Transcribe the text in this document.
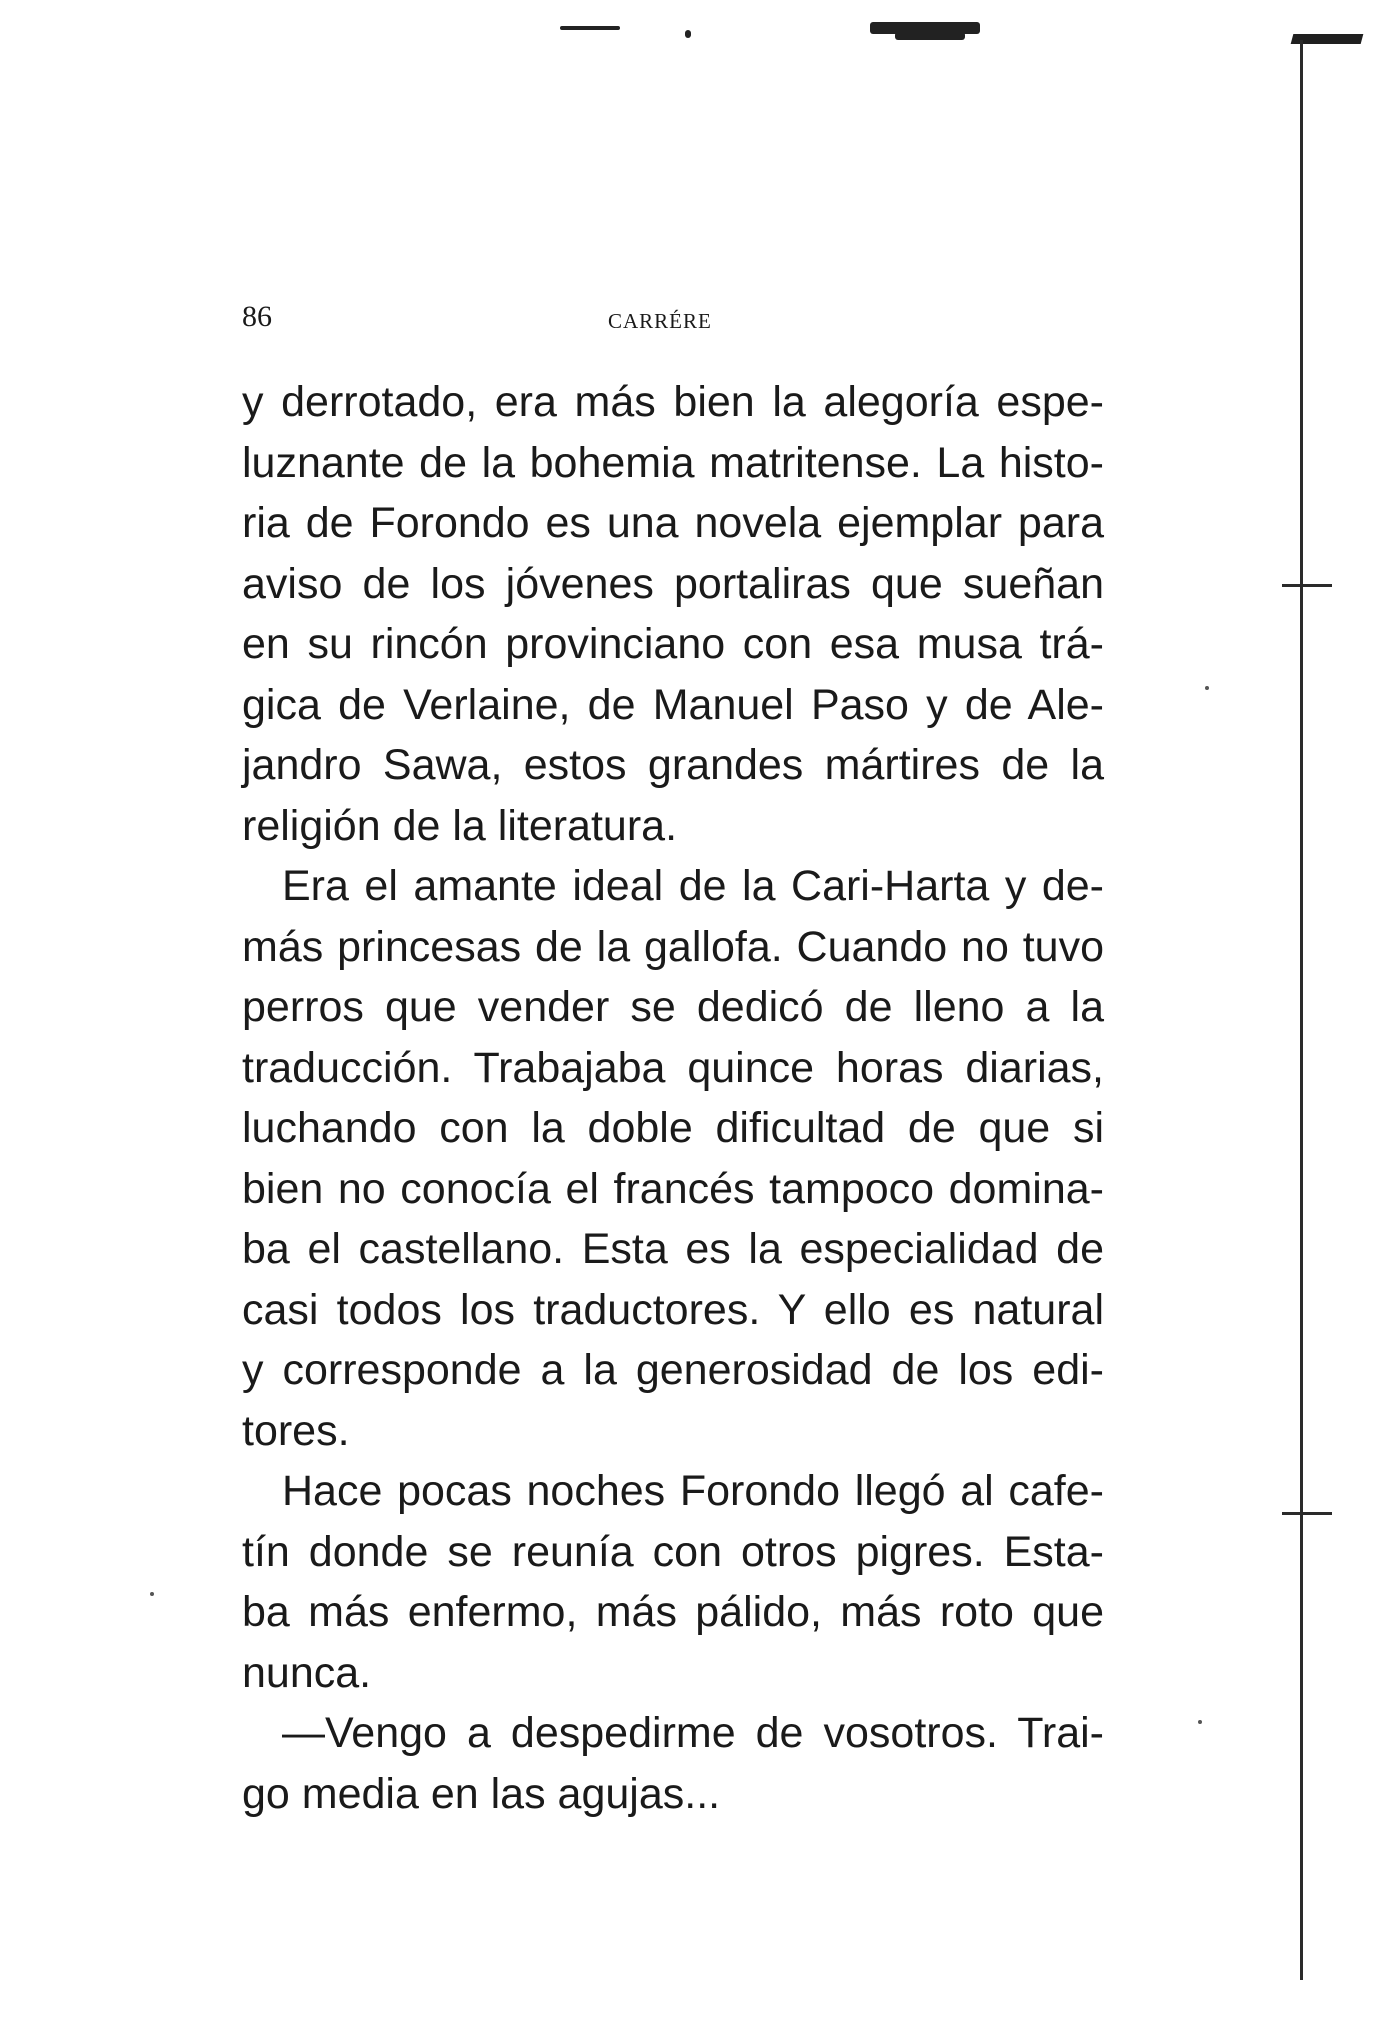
86	CARRÉRE
y derrotado, era más bien la alegoría espe-
luznante de la bohemia matritense. La histo-
ria de Forondo es una novela ejemplar para
aviso de los jóvenes portaliras que sueñan
en su rincón provinciano con esa musa trá-
gica de Verlaine, de Manuel Paso y de Ale-
jandro Sawa, estos grandes mártires de la
religión de la literatura.
Era el amante ideal de la Cari-Harta y de-
más princesas de la gallofa. Cuando no tuvo
perros que vender se dedicó de lleno a la
traducción. Trabajaba quince horas diarias,
luchando con la doble dificultad de que si
bien no conocía el francés tampoco domina-
ba el castellano. Esta es la especialidad de
casi todos los traductores. Y ello es natural
y corresponde a la generosidad de los edi-
tores.
Hace pocas noches Forondo llegó al cafe-
tín donde se reunía con otros pigres. Esta-
ba más enfermo, más pálido, más roto que
nunca.
—Vengo a despedirme de vosotros. Trai-
go media en las agujas...
